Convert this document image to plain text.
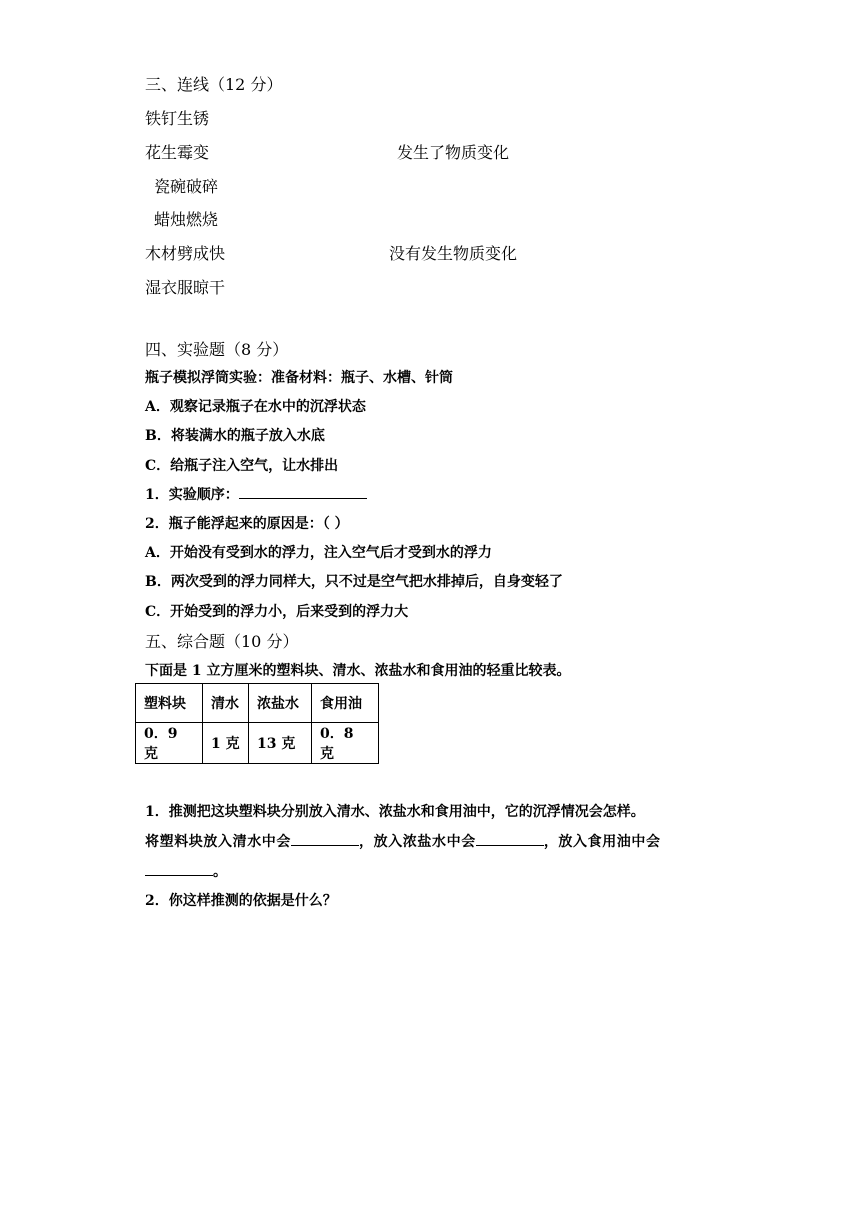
三、连线（12 分）
铁钉生锈
花生霉变
瓷碗破碎
蜡烛燃烧
木材劈成快
湿衣服晾干
发生了物质变化
没有发生物质变化
四、实验题（8 分）
瓶子模拟浮筒实验：准备材料：瓶子、水槽、针筒
A．观察记录瓶子在水中的沉浮状态
B．将装满水的瓶子放入水底
C．给瓶子注入空气，让水排出
1．实验顺序：
2．瓶子能浮起来的原因是：（ ）
A．开始没有受到水的浮力，注入空气后才受到水的浮力
B．两次受到的浮力同样大，只不过是空气把水排掉后，自身变轻了
C．开始受到的浮力小，后来受到的浮力大
五、综合题（10 分）
下面是 1 立方厘米的塑料块、清水、浓盐水和食用油的轻重比较表。
塑料块	清水	浓盐水	食用油
0．9 克	1 克	13 克	0．8 克
1．推测把这块塑料块分别放入清水、浓盐水和食用油中，它的沉浮情况会怎样。
将塑料块放入清水中会	，放入浓盐水中会	，放入食用油中会
。
2．你这样推测的依据是什么？
